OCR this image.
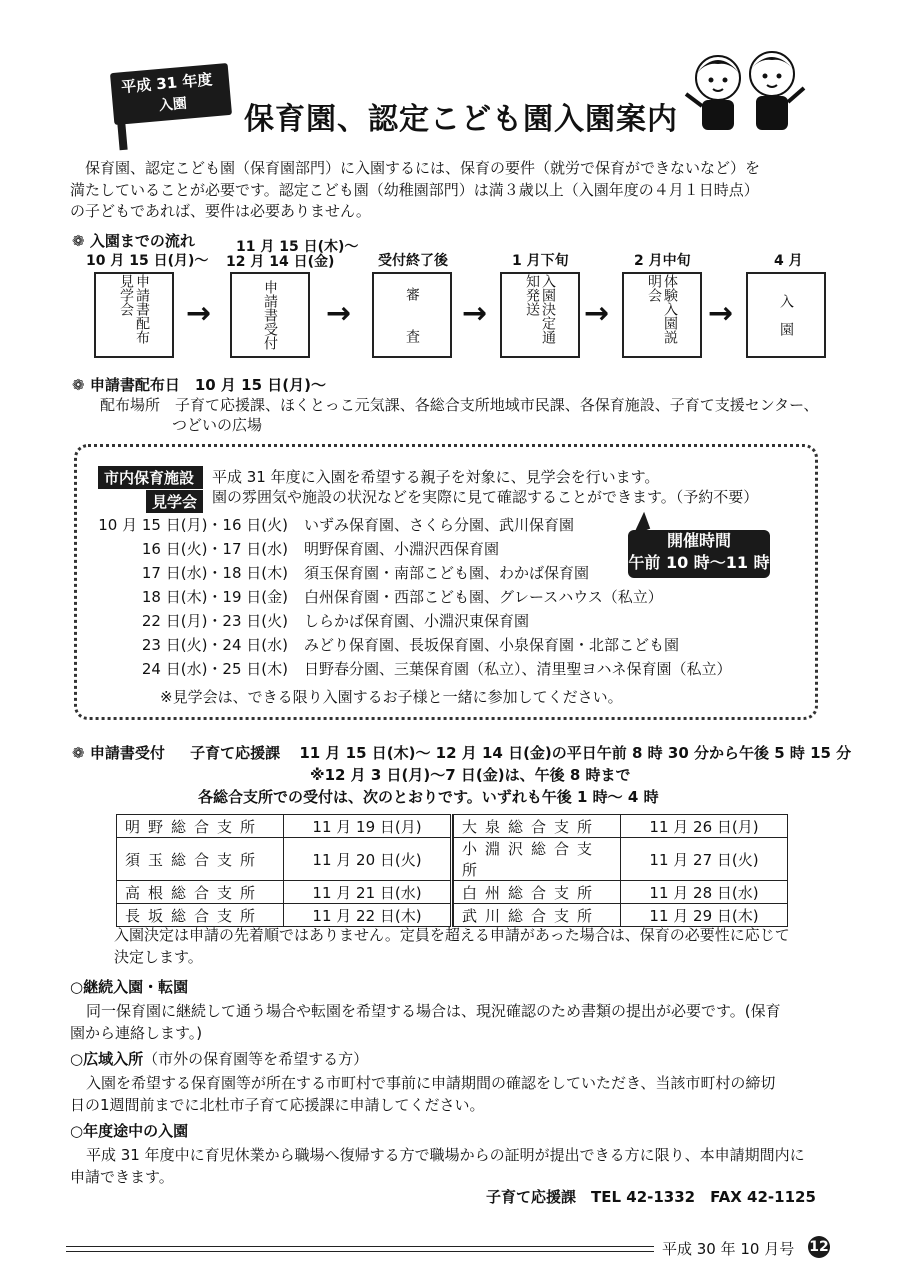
平成 31 年度
入園 保育園、認定こども園入園案内

保育園、認定こども園（保育園部門）に入園するには、保育の要件（就労で保育ができないなど）を

満たしていることが必要です。認定こども園（幼稚園部門）は満３歳以上（入園年度の４月１日時点）

の子どもであれば、要件は必要ありません。

❁ 入園までの流れ
10 月 15 日(月)〜
11 月 15 日(木)〜
12 月 14 日(金)	受付終了後	1 月下旬	2 月中旬	4 月
申請書配布　見学会	→	申請書受付	→	審　　査	→	入園決定通知発送	→	体験入園説明会
→	入　園
❁ 申請書配布日　10 月 15 日(月)〜
配布場所　 子育て応援課、ほくとっこ元気課、各総合支所地域市民課、各保育施設、子育て支援センター、
つどいの広場
市内保育施設
見学会
平成 31 年度に入園を希望する親子を対象に、見学会を行います。
園の雰囲気や施設の状況などを実際に見て確認することができます。（予約不要）
10 月 15 日(月)・16 日(火) いずみ保育園、さくら分園、武川保育園
16 日(火)・17 日(水) 明野保育園、小淵沢西保育園
17 日(水)・18 日(木) 須玉保育園・南部こども園、わかば保育園
18 日(木)・19 日(金) 白州保育園・西部こども園、グレースハウス（私立）
22 日(月)・23 日(火) しらかば保育園、小淵沢東保育園
23 日(火)・24 日(水) みどり保育園、長坂保育園、小泉保育園・北部こども園
24 日(水)・25 日(木) 日野春分園、三葉保育園（私立）、清里聖ヨハネ保育園（私立）
開催時間
午前 10 時〜11 時
※見学会は、できる限り入園するお子様と一緒に参加してください。
❁ 申請書受付 子育て応援課 11 月 15 日(木)〜 12 月 14 日(金)の平日午前 8 時 30 分から午後 5 時 15 分
※12 月 3 日(月)〜7 日(金)は、午後 8 時まで
各総合支所での受付は、次のとおりです。いずれも午後 1 時〜 4 時
明野総合支所	11 月 19 日(月)		大泉総合支所	11 月 26 日(月)
須玉総合支所	11 月 20 日(火)		小淵沢総合支所	11 月 27 日(火)
高根総合支所	11 月 21 日(水)		白州総合支所	11 月 28 日(水)
長坂総合支所	11 月 22 日(木)		武川総合支所	11 月 29 日(木)
入園決定は申請の先着順ではありません。定員を超える申請があった場合は、保育の必要性に応じて
決定します。
○継続入園・転園
同一保育園に継続して通う場合や転園を希望する場合は、現況確認のため書類の提出が必要です。(保育
園から連絡します。)
○広域入所（市外の保育園等を希望する方）
入園を希望する保育園等が所在する市町村で事前に申請期間の確認をしていただき、当該市町村の締切
日の1週間前までに北杜市子育て応援課に申請してください。
○年度途中の入園
平成 31 年度中に育児休業から職場へ復帰する方で職場からの証明が提出できる方に限り、本申請期間内に
申請できます。
子育て応援課　TEL 42-1332　FAX 42-1125
平成 30 年 10 月号 12
